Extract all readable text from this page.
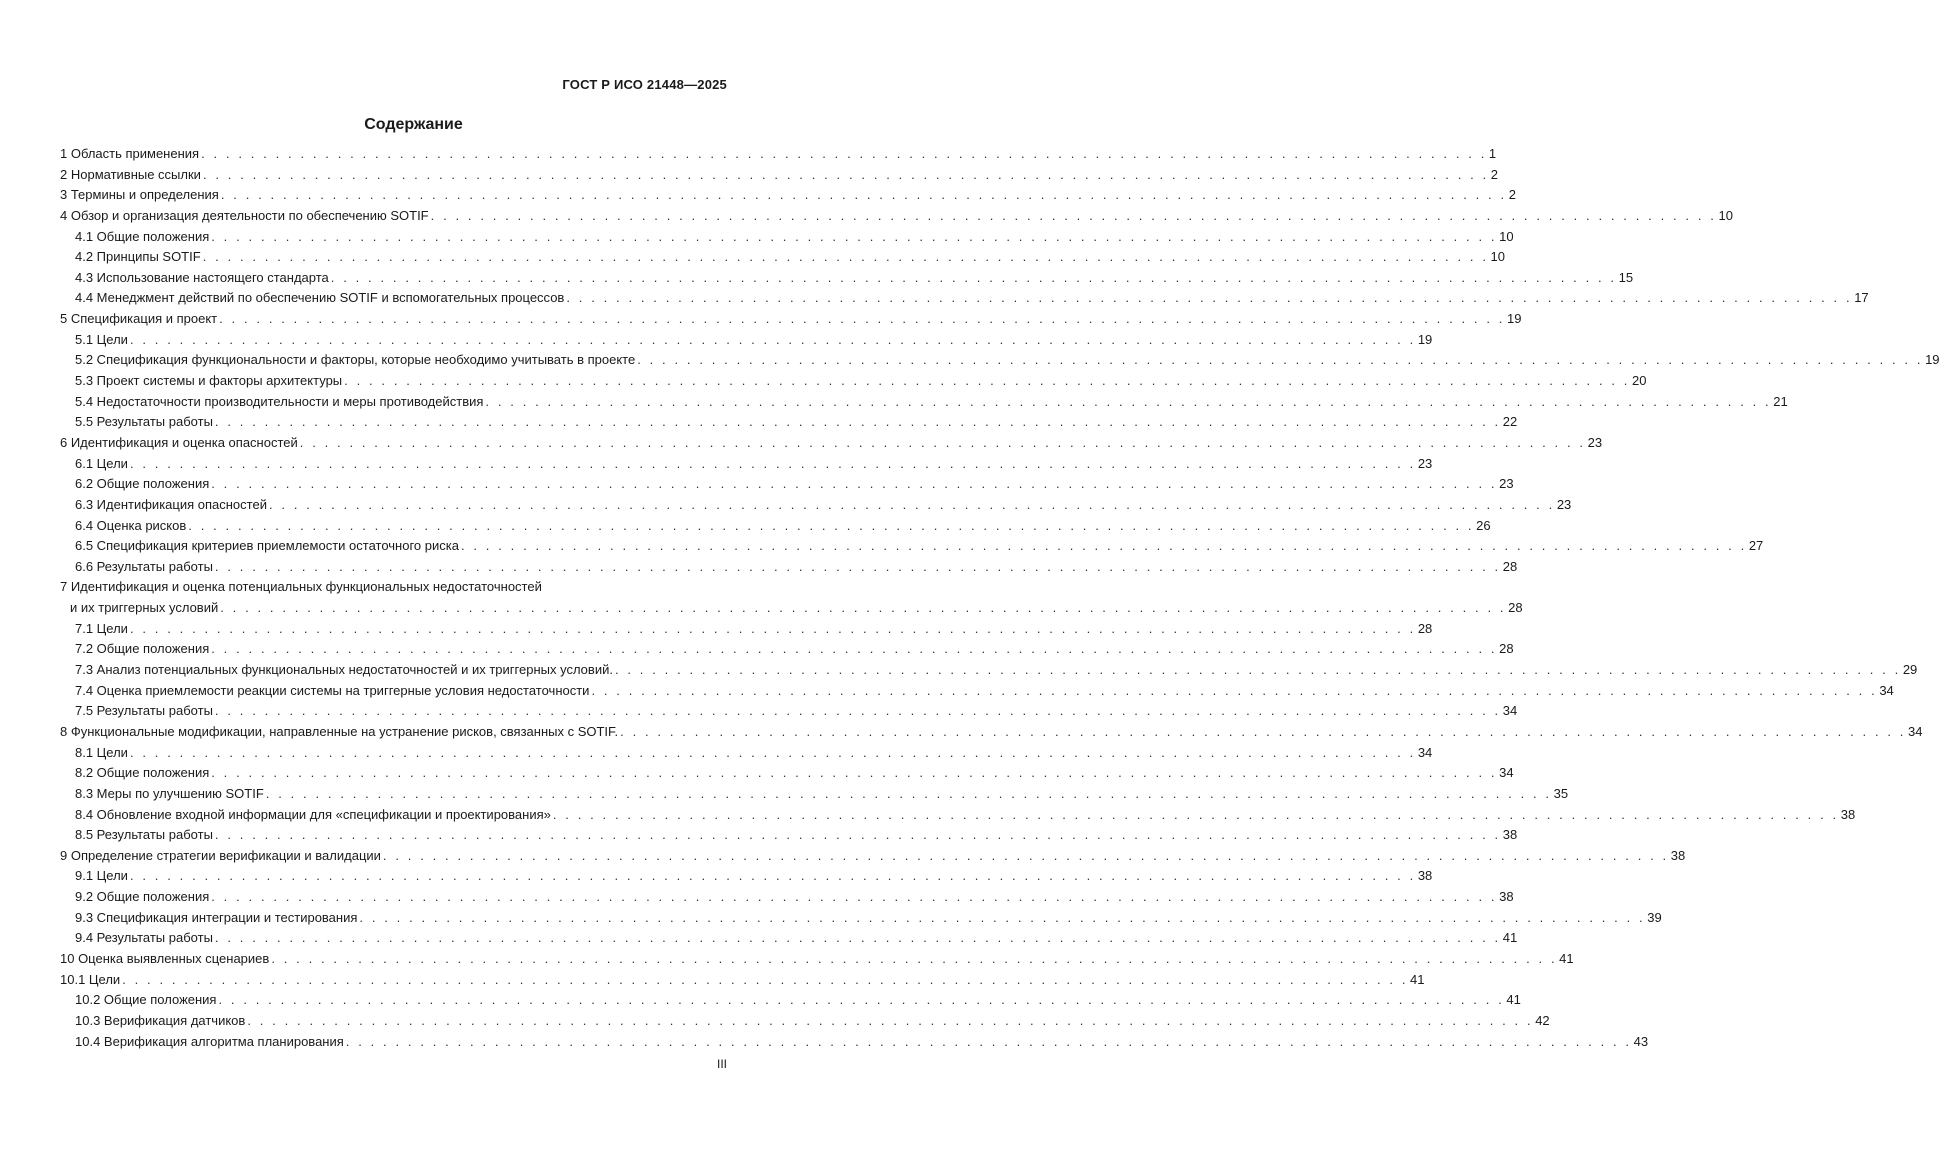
ГОСТ Р ИСО 21448—2025
Содержание
1 Область применения . . . . . . . . . . . . . . . . . . . . . . . . . . . . . . . . . . . . . . . . . . . . . . . . . . . . . . . . . . . . . . . . . . . . . . . . . . . . . . . . . . . . . . . . . . . . . . . . . . . . . . . . 1
2 Нормативные ссылки . . . . . . . . . . . . . . . . . . . . . . . . . . . . . . . . . . . . . . . . . . . . . . . . . . . . . . . . . . . . . . . . . . . . . . . . . . . . . . . . . . . . . . . . . . . . . . . . . . . . . . . . 2
3 Термины и определения . . . . . . . . . . . . . . . . . . . . . . . . . . . . . . . . . . . . . . . . . . . . . . . . . . . . . . . . . . . . . . . . . . . . . . . . . . . . . . . . . . . . . . . . . . . . . . . . . . . . . . . . 2
4 Обзор и организация деятельности по обеспечению SOTIF . . . . . . . . . . . . . . . . . . . . . . . . . . . . . . . . . . . . . . . . . . . . . . . . . . . . . . . . . . . . . . . . . . . . . . . . . . . . . . . . . . . . . . . . . . . . . . . . . . . . . . . . 10
4.1 Общие положения . . . . . . . . . . . . . . . . . . . . . . . . . . . . . . . . . . . . . . . . . . . . . . . . . . . . . . . . . . . . . . . . . . . . . . . . . . . . . . . . . . . . . . . . . . . . . . . . . . . . . . . . 10
4.2 Принципы SOTIF . . . . . . . . . . . . . . . . . . . . . . . . . . . . . . . . . . . . . . . . . . . . . . . . . . . . . . . . . . . . . . . . . . . . . . . . . . . . . . . . . . . . . . . . . . . . . . . . . . . . . . . . 10
4.3 Использование настоящего стандарта . . . . . . . . . . . . . . . . . . . . . . . . . . . . . . . . . . . . . . . . . . . . . . . . . . . . . . . . . . . . . . . . . . . . . . . . . . . . . . . . . . . . . . . . . . . . . . . . . . . . . . . . 15
4.4 Менеджмент действий по обеспечению SOTIF и вспомогательных процессов . . . . . . . . . . . . . . . . . . . . . . . . . . . . . . . . . . . . . . . . . . . . . . . . . . . . . . . . . . . . . . . . . . . . . . . . . . . . . . . . . . . . . . . . . . . . . . . . . . . . . . . . 17
5 Спецификация и проект . . . . . . . . . . . . . . . . . . . . . . . . . . . . . . . . . . . . . . . . . . . . . . . . . . . . . . . . . . . . . . . . . . . . . . . . . . . . . . . . . . . . . . . . . . . . . . . . . . . . . . . . 19
5.1 Цели . . . . . . . . . . . . . . . . . . . . . . . . . . . . . . . . . . . . . . . . . . . . . . . . . . . . . . . . . . . . . . . . . . . . . . . . . . . . . . . . . . . . . . . . . . . . . . . . . . . . . . . . 19
5.2 Спецификация функциональности и факторы, которые необходимо учитывать в проекте . . . . . . . . . . . . . . . . . . . . . . . . . . . . . . . . . . . . . . . . . . . . . . . . . . . . . . . . . . . . . . . . . . . . . . . . . . . . . . . . . . . . . . . . . . . . . . . . . . . . . . . . 19
5.3 Проект системы и факторы архитектуры . . . . . . . . . . . . . . . . . . . . . . . . . . . . . . . . . . . . . . . . . . . . . . . . . . . . . . . . . . . . . . . . . . . . . . . . . . . . . . . . . . . . . . . . . . . . . . . . . . . . . . . . 20
5.4 Недостаточности производительности и меры противодействия . . . . . . . . . . . . . . . . . . . . . . . . . . . . . . . . . . . . . . . . . . . . . . . . . . . . . . . . . . . . . . . . . . . . . . . . . . . . . . . . . . . . . . . . . . . . . . . . . . . . . . . . 21
5.5 Результаты работы . . . . . . . . . . . . . . . . . . . . . . . . . . . . . . . . . . . . . . . . . . . . . . . . . . . . . . . . . . . . . . . . . . . . . . . . . . . . . . . . . . . . . . . . . . . . . . . . . . . . . . . . 22
6 Идентификация и оценка опасностей . . . . . . . . . . . . . . . . . . . . . . . . . . . . . . . . . . . . . . . . . . . . . . . . . . . . . . . . . . . . . . . . . . . . . . . . . . . . . . . . . . . . . . . . . . . . . . . . . . . . . . . . 23
6.1 Цели . . . . . . . . . . . . . . . . . . . . . . . . . . . . . . . . . . . . . . . . . . . . . . . . . . . . . . . . . . . . . . . . . . . . . . . . . . . . . . . . . . . . . . . . . . . . . . . . . . . . . . . . 23
6.2 Общие положения . . . . . . . . . . . . . . . . . . . . . . . . . . . . . . . . . . . . . . . . . . . . . . . . . . . . . . . . . . . . . . . . . . . . . . . . . . . . . . . . . . . . . . . . . . . . . . . . . . . . . . . . 23
6.3 Идентификация опасностей . . . . . . . . . . . . . . . . . . . . . . . . . . . . . . . . . . . . . . . . . . . . . . . . . . . . . . . . . . . . . . . . . . . . . . . . . . . . . . . . . . . . . . . . . . . . . . . . . . . . . . . . 23
6.4 Оценка рисков . . . . . . . . . . . . . . . . . . . . . . . . . . . . . . . . . . . . . . . . . . . . . . . . . . . . . . . . . . . . . . . . . . . . . . . . . . . . . . . . . . . . . . . . . . . . . . . . . . . . . . . . 26
6.5 Спецификация критериев приемлемости остаточного риска . . . . . . . . . . . . . . . . . . . . . . . . . . . . . . . . . . . . . . . . . . . . . . . . . . . . . . . . . . . . . . . . . . . . . . . . . . . . . . . . . . . . . . . . . . . . . . . . . . . . . . . . 27
6.6 Результаты работы . . . . . . . . . . . . . . . . . . . . . . . . . . . . . . . . . . . . . . . . . . . . . . . . . . . . . . . . . . . . . . . . . . . . . . . . . . . . . . . . . . . . . . . . . . . . . . . . . . . . . . . . 28
7 Идентификация и оценка потенциальных функциональных недостаточностей
и их триггерных условий . . . . . . . . . . . . . . . . . . . . . . . . . . . . . . . . . . . . . . . . . . . . . . . . . . . . . . . . . . . . . . . . . . . . . . . . . . . . . . . . . . . . . . . . . . . . . . . . . . . . . . . . 28
7.1 Цели . . . . . . . . . . . . . . . . . . . . . . . . . . . . . . . . . . . . . . . . . . . . . . . . . . . . . . . . . . . . . . . . . . . . . . . . . . . . . . . . . . . . . . . . . . . . . . . . . . . . . . . . 28
7.2 Общие положения . . . . . . . . . . . . . . . . . . . . . . . . . . . . . . . . . . . . . . . . . . . . . . . . . . . . . . . . . . . . . . . . . . . . . . . . . . . . . . . . . . . . . . . . . . . . . . . . . . . . . . . . 28
7.3 Анализ потенциальных функциональных недостаточностей и их триггерных условий. . . . . . . . . . . . . . . . . . . . . . . . . . . . . . . . . . . . . . . . . . . . . . . . . . . . . . . . . . . . . . . . . . . . . . . . . . . . . . . . . . . . . . . . . . . . . . . . . . . . . . . . . 29
7.4 Оценка приемлемости реакции системы на триггерные условия недостаточности . . . . . . . . . . . . . . . . . . . . . . . . . . . . . . . . . . . . . . . . . . . . . . . . . . . . . . . . . . . . . . . . . . . . . . . . . . . . . . . . . . . . . . . . . . . . . . . . . . . . . . . . 34
7.5 Результаты работы . . . . . . . . . . . . . . . . . . . . . . . . . . . . . . . . . . . . . . . . . . . . . . . . . . . . . . . . . . . . . . . . . . . . . . . . . . . . . . . . . . . . . . . . . . . . . . . . . . . . . . . . 34
8 Функциональные модификации, направленные на устранение рисков, связанных с SOTIF. . . . . . . . . . . . . . . . . . . . . . . . . . . . . . . . . . . . . . . . . . . . . . . . . . . . . . . . . . . . . . . . . . . . . . . . . . . . . . . . . . . . . . . . . . . . . . . . . . . . . . . . . 34
8.1 Цели . . . . . . . . . . . . . . . . . . . . . . . . . . . . . . . . . . . . . . . . . . . . . . . . . . . . . . . . . . . . . . . . . . . . . . . . . . . . . . . . . . . . . . . . . . . . . . . . . . . . . . . . 34
8.2 Общие положения . . . . . . . . . . . . . . . . . . . . . . . . . . . . . . . . . . . . . . . . . . . . . . . . . . . . . . . . . . . . . . . . . . . . . . . . . . . . . . . . . . . . . . . . . . . . . . . . . . . . . . . . 34
8.3 Меры по улучшению SOTIF . . . . . . . . . . . . . . . . . . . . . . . . . . . . . . . . . . . . . . . . . . . . . . . . . . . . . . . . . . . . . . . . . . . . . . . . . . . . . . . . . . . . . . . . . . . . . . . . . . . . . . . . 35
8.4 Обновление входной информации для «спецификации и проектирования» . . . . . . . . . . . . . . . . . . . . . . . . . . . . . . . . . . . . . . . . . . . . . . . . . . . . . . . . . . . . . . . . . . . . . . . . . . . . . . . . . . . . . . . . . . . . . . . . . . . . . . . . 38
8.5 Результаты работы . . . . . . . . . . . . . . . . . . . . . . . . . . . . . . . . . . . . . . . . . . . . . . . . . . . . . . . . . . . . . . . . . . . . . . . . . . . . . . . . . . . . . . . . . . . . . . . . . . . . . . . . 38
9 Определение стратегии верификации и валидации . . . . . . . . . . . . . . . . . . . . . . . . . . . . . . . . . . . . . . . . . . . . . . . . . . . . . . . . . . . . . . . . . . . . . . . . . . . . . . . . . . . . . . . . . . . . . . . . . . . . . . . . 38
9.1 Цели . . . . . . . . . . . . . . . . . . . . . . . . . . . . . . . . . . . . . . . . . . . . . . . . . . . . . . . . . . . . . . . . . . . . . . . . . . . . . . . . . . . . . . . . . . . . . . . . . . . . . . . . 38
9.2 Общие положения . . . . . . . . . . . . . . . . . . . . . . . . . . . . . . . . . . . . . . . . . . . . . . . . . . . . . . . . . . . . . . . . . . . . . . . . . . . . . . . . . . . . . . . . . . . . . . . . . . . . . . . . 38
9.3 Спецификация интеграции и тестирования . . . . . . . . . . . . . . . . . . . . . . . . . . . . . . . . . . . . . . . . . . . . . . . . . . . . . . . . . . . . . . . . . . . . . . . . . . . . . . . . . . . . . . . . . . . . . . . . . . . . . . . . 39
9.4 Результаты работы . . . . . . . . . . . . . . . . . . . . . . . . . . . . . . . . . . . . . . . . . . . . . . . . . . . . . . . . . . . . . . . . . . . . . . . . . . . . . . . . . . . . . . . . . . . . . . . . . . . . . . . . 41
10 Оценка выявленных сценариев . . . . . . . . . . . . . . . . . . . . . . . . . . . . . . . . . . . . . . . . . . . . . . . . . . . . . . . . . . . . . . . . . . . . . . . . . . . . . . . . . . . . . . . . . . . . . . . . . . . . . . . . 41
10.1 Цели . . . . . . . . . . . . . . . . . . . . . . . . . . . . . . . . . . . . . . . . . . . . . . . . . . . . . . . . . . . . . . . . . . . . . . . . . . . . . . . . . . . . . . . . . . . . . . . . . . . . . . . . 41
10.2 Общие положения . . . . . . . . . . . . . . . . . . . . . . . . . . . . . . . . . . . . . . . . . . . . . . . . . . . . . . . . . . . . . . . . . . . . . . . . . . . . . . . . . . . . . . . . . . . . . . . . . . . . . . . . 41
10.3 Верификация датчиков . . . . . . . . . . . . . . . . . . . . . . . . . . . . . . . . . . . . . . . . . . . . . . . . . . . . . . . . . . . . . . . . . . . . . . . . . . . . . . . . . . . . . . . . . . . . . . . . . . . . . . . . 42
10.4 Верификация алгоритма планирования . . . . . . . . . . . . . . . . . . . . . . . . . . . . . . . . . . . . . . . . . . . . . . . . . . . . . . . . . . . . . . . . . . . . . . . . . . . . . . . . . . . . . . . . . . . . . . . . . . . . . . . . 43
III
